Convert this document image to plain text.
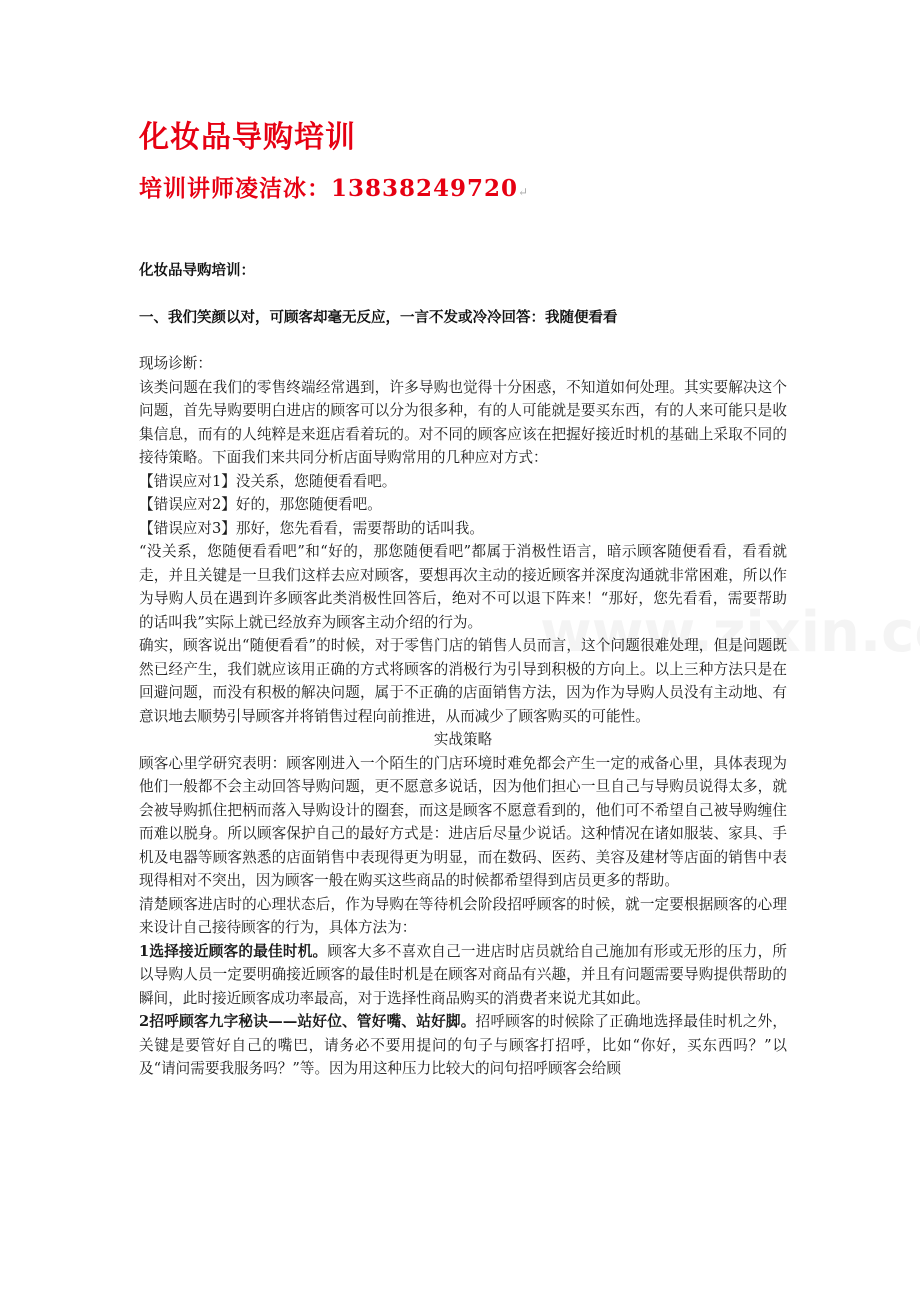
化妆品导购培训
培训讲师凌洁冰：13838249720↵
化妆品导购培训：
一、我们笑颜以对，可顾客却毫无反应，一言不发或冷冷回答：我随便看看

现场诊断：

该类问题在我们的零售终端经常遇到，许多导购也觉得十分困惑，不知道如何处理。其实要解决这个问题，首先导购要明白进店的顾客可以分为很多种，有的人可能就是要买东西，有的人来可能只是收集信息，而有的人纯粹是来逛店看着玩的。对不同的顾客应该在把握好接近时机的基础上采取不同的接待策略。下面我们来共同分析店面导购常用的几种应对方式：

【错误应对1】没关系，您随便看看吧。

【错误应对2】好的，那您随便看吧。

【错误应对3】那好，您先看看，需要帮助的话叫我。

“没关系，您随便看看吧”和“好的，那您随便看吧”都属于消极性语言，暗示顾客随便看看，看看就走，并且关键是一旦我们这样去应对顾客，要想再次主动的接近顾客并深度沟通就非常困难，所以作为导购人员在遇到许多顾客此类消极性回答后，绝对不可以退下阵来！“那好，您先看看，需要帮助的话叫我”实际上就已经放弃为顾客主动介绍的行为。

确实，顾客说出“随便看看”的时候，对于零售门店的销售人员而言，这个问题很难处理，但是问题既然已经产生，我们就应该用正确的方式将顾客的消极行为引导到积极的方向上。以上三种方法只是在回避问题，而没有积极的解决问题，属于不正确的店面销售方法，因为作为导购人员没有主动地、有意识地去顺势引导顾客并将销售过程向前推进，从而减少了顾客购买的可能性。

实战策略

顾客心里学研究表明：顾客刚进入一个陌生的门店环境时难免都会产生一定的戒备心里，具体表现为他们一般都不会主动回答导购问题，更不愿意多说话，因为他们担心一旦自己与导购员说得太多，就会被导购抓住把柄而落入导购设计的圈套，而这是顾客不愿意看到的，他们可不希望自己被导购缠住而难以脱身。所以顾客保护自己的最好方式是：进店后尽量少说话。这种情况在诸如服装、家具、手机及电器等顾客熟悉的店面销售中表现得更为明显，而在数码、医药、美容及建材等店面的销售中表现得相对不突出，因为顾客一般在购买这些商品的时候都希望得到店员更多的帮助。

清楚顾客进店时的心理状态后，作为导购在等待机会阶段招呼顾客的时候，就一定要根据顾客的心理来设计自己接待顾客的行为，具体方法为：

1选择接近顾客的最佳时机。顾客大多不喜欢自己一进店时店员就给自己施加有形或无形的压力，所以导购人员一定要明确接近顾客的最佳时机是在顾客对商品有兴趣，并且有问题需要导购提供帮助的瞬间，此时接近顾客成功率最高，对于选择性商品购买的消费者来说尤其如此。

2招呼顾客九字秘诀——站好位、管好嘴、站好脚。招呼顾客的时候除了正确地选择最佳时机之外，关键是要管好自己的嘴巴，请务必不要用提问的句子与顾客打招呼，比如“你好，买东西吗？”以及“请问需要我服务吗？”等。因为用这种压力比较大的问句招呼顾客会给顾
